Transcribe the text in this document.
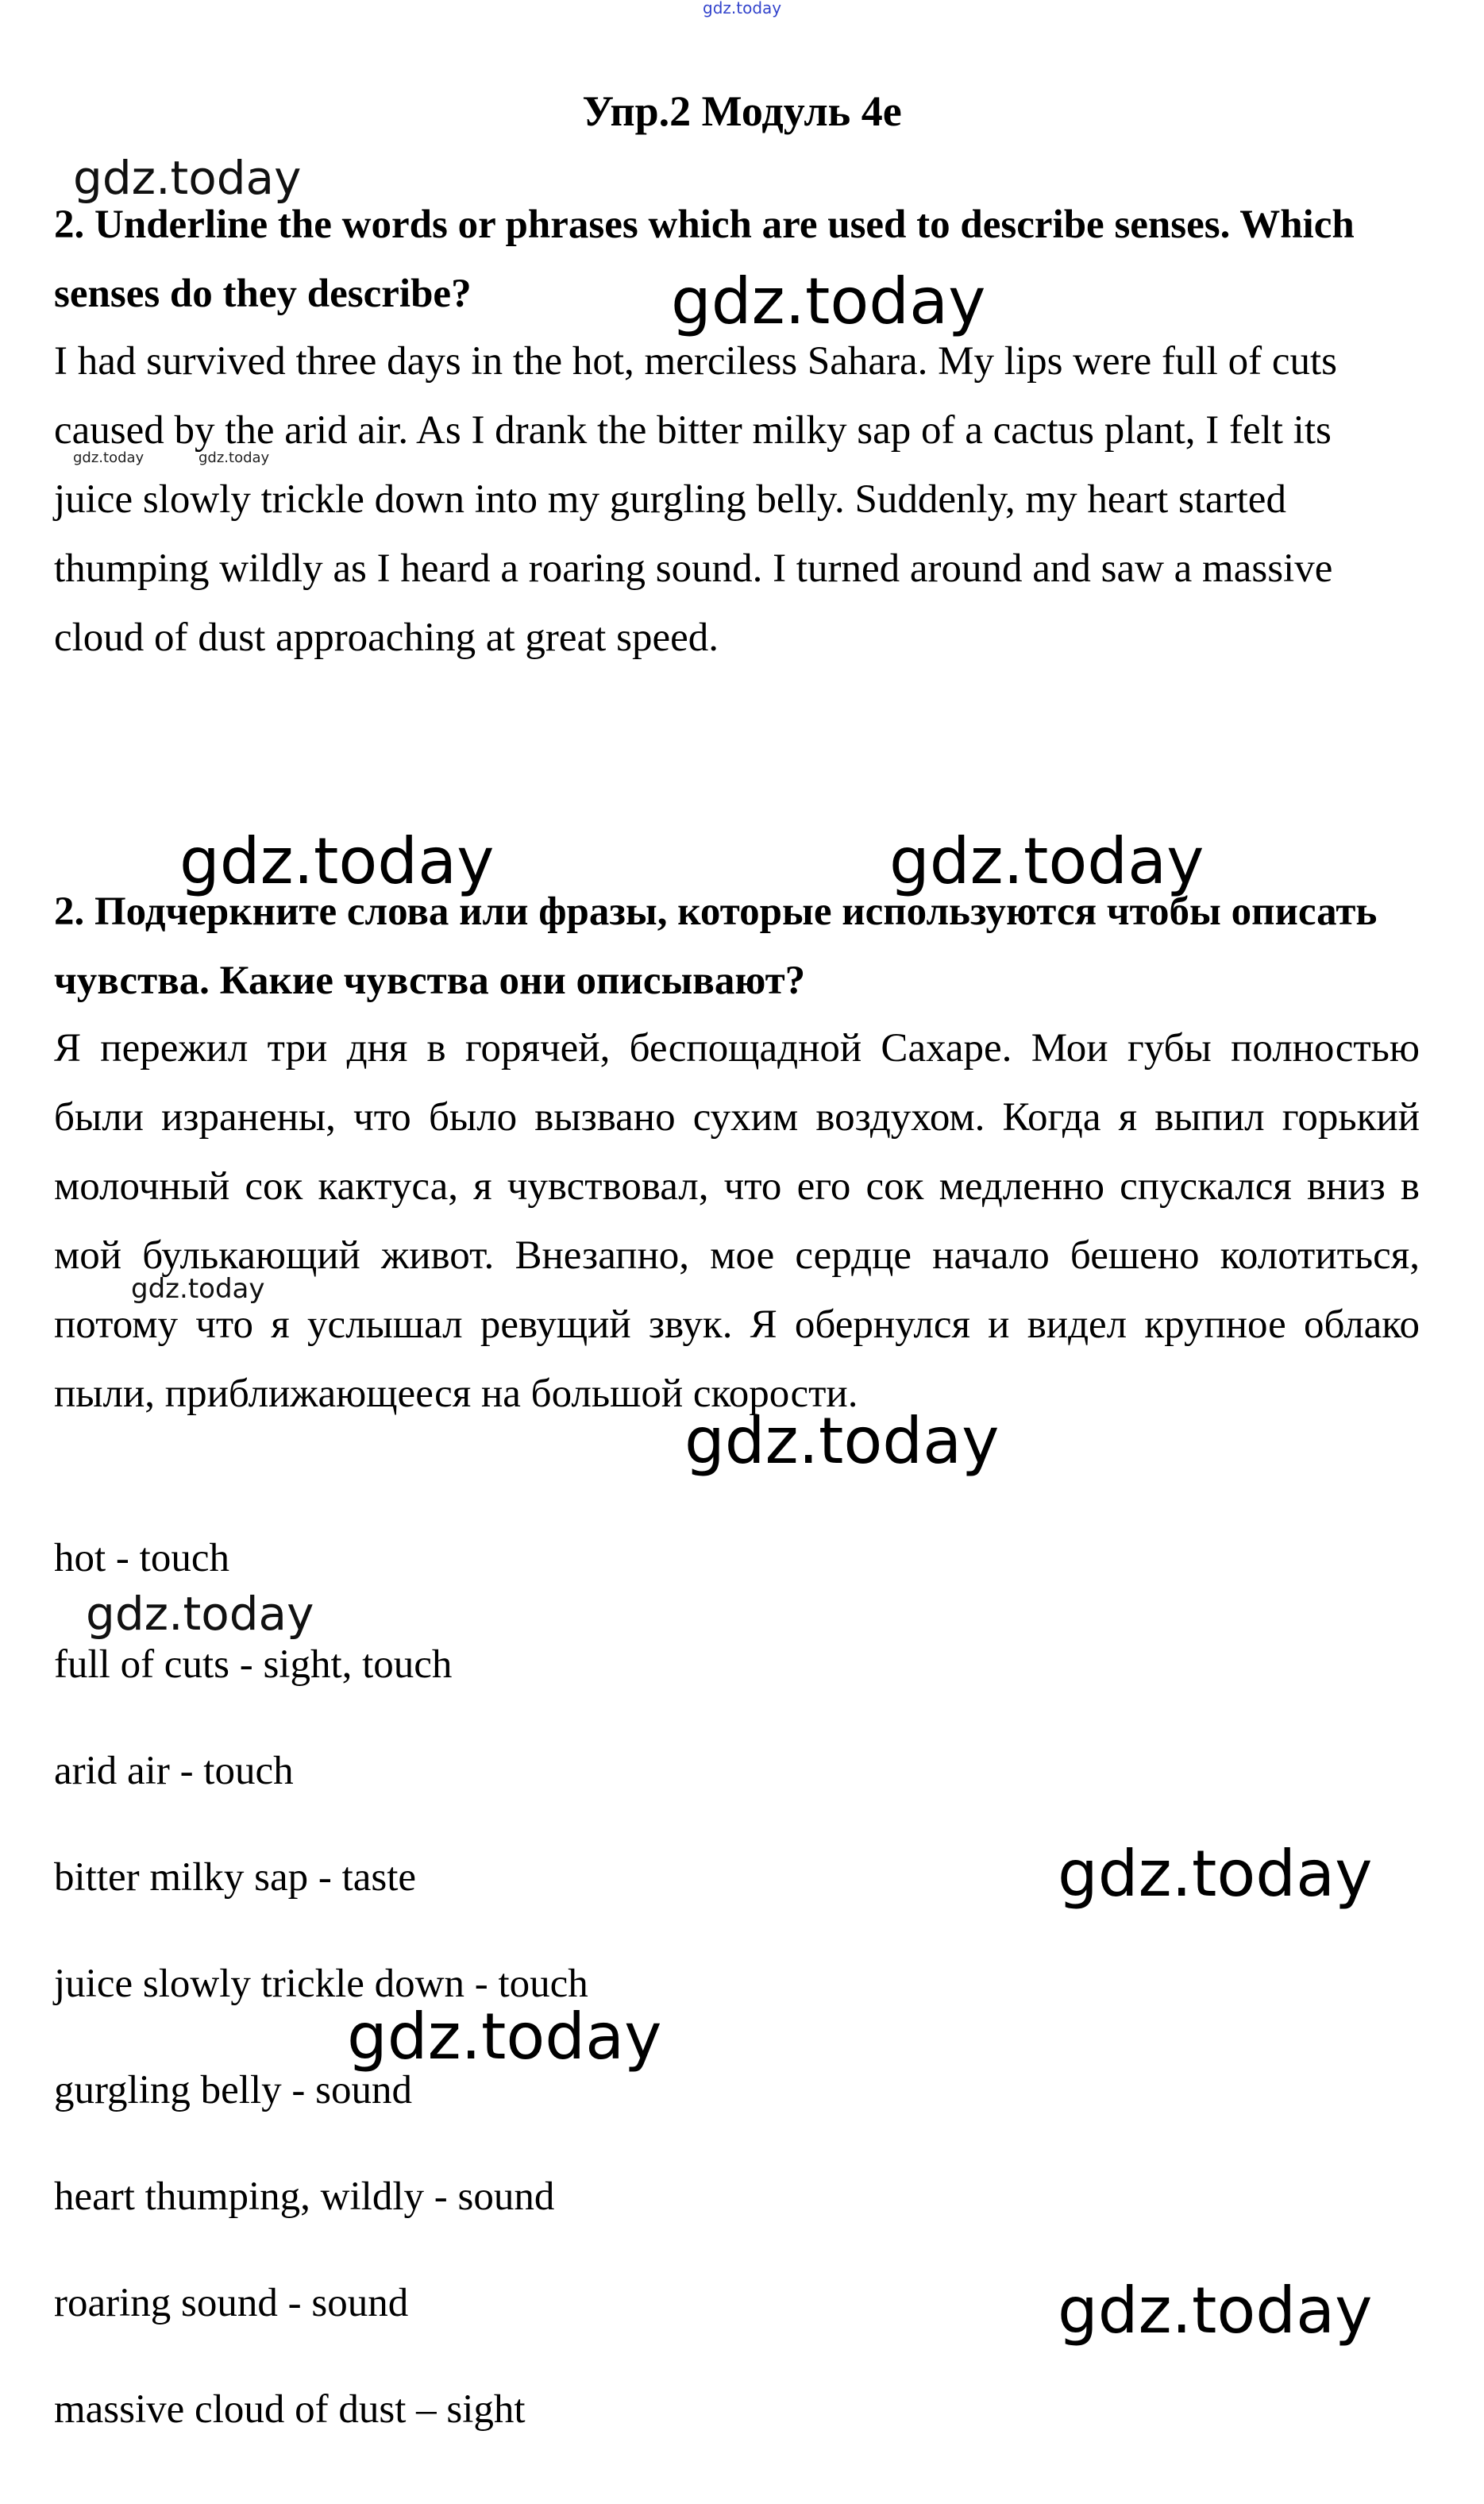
gdz.today
Упр.2 Модуль 4е
gdz.today

2. Underline the words or phrases which are used to describe senses. Which senses do they describe?	gdz.today

I had survived three days in the hot, merciless Sahara. My lips were full of cuts caused by the arid air. As I drank the bitter milky sap of a cactus plant, I felt its juice slowly trickle down into my gurgling belly. Suddenly, my heart started thumping wildly as I heard a roaring sound. I turned around and saw a massive cloud of dust approaching at great speed.

gdz.today	gdz.today
gdz.today	gdz.today

2. Подчеркните слова или фразы, которые используются чтобы описать чувства. Какие чувства они описывают?

Я пережил три дня в горячей, беспощадной Сахаре. Мои губы полностью были изранены, что было вызвано сухим воздухом. Когда я выпил горький молочный сок кактуса, я чувствовал, что его сок медленно спускался вниз в мой булькающий живот. Внезапно, мое сердце начало бешено колотиться, потому что я услышал ревущий звук. Я обернулся и видел крупное облако пыли, приближающееся на большой скорости.

gdz.today
gdz.today
hot - touch
full of cuts - sight, touch
arid air - touch
bitter milky sap - taste
juice slowly trickle down - touch
gurgling belly - sound
heart thumping, wildly - sound
roaring sound - sound
massive cloud of dust – sight
gdz.today
gdz.today
gdz.today
gdz.today
